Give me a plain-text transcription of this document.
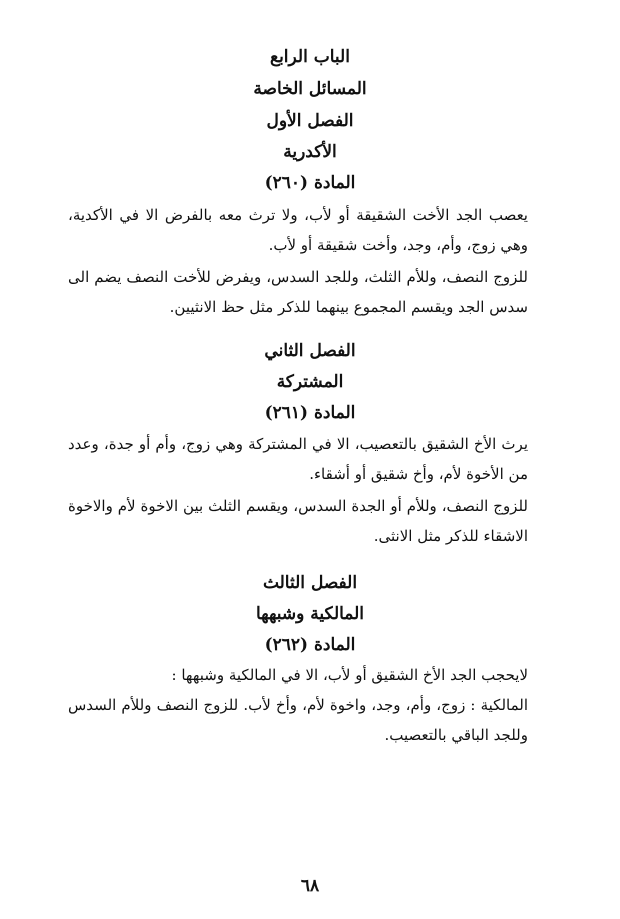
الباب الرابع
المسائل الخاصة
الفصل الأول
الأكدرية
المادة (٢٦٠)
يعصب الجد الأخت الشقيقة أو لأب، ولا ترث معه بالفرض الا في الأكدية، وهي زوج، وأم، وجد، وأخت شقيقة أو لأب.
للزوج النصف، وللأم الثلث، وللجد السدس، ويفرض للأخت النصف يضم الى سدس الجد ويقسم المجموع بينهما للذكر مثل حظ الانثيين.
الفصل الثاني
المشتركة
المادة (٢٦١)
يرث الأخ الشقيق بالتعصيب، الا في المشتركة وهي زوج، وأم أو جدة، وعدد من الأخوة لأم، وأخ شقيق أو أشقاء.
للزوج النصف، وللأم أو الجدة السدس، ويقسم الثلث بين الاخوة لأم والاخوة الاشقاء للذكر مثل الانثى.
الفصل الثالث
المالكية وشبهها
المادة (٢٦٢)
لايحجب الجد الأخ الشقيق أو لأب، الا في المالكية وشبهها :
المالكية : زوج، وأم، وجد، واخوة لأم، وأخ لأب. للزوج النصف وللأم السدس وللجد الباقي بالتعصيب.
٦٨
